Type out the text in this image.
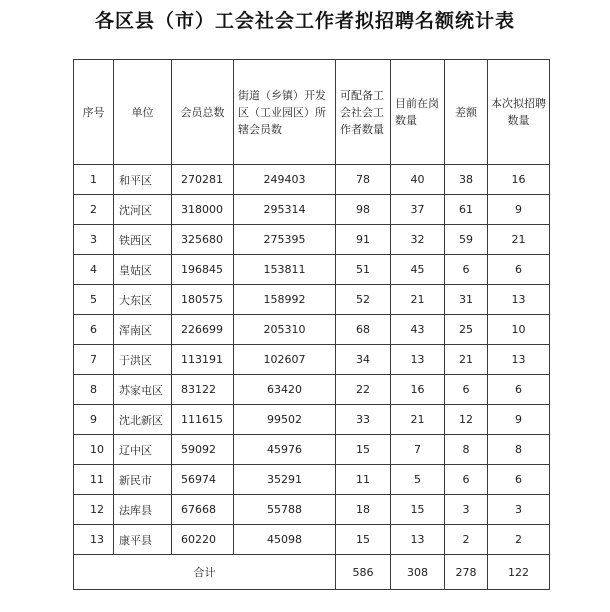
各区县（市）工会社会工作者拟招聘名额统计表
序号	单位	会员总数	街道（乡镇）开发区（工业园区）所辖会员数	可配备工会社会工作者数量	目前在岗数量	差额	本次拟招聘数量
1	和平区	270281	249403	78	40	38	16
2	沈河区	318000	295314	98	37	61	9
3	铁西区	325680	275395	91	32	59	21
4	皇姑区	196845	153811	51	45	6	6
5	大东区	180575	158992	52	21	31	13
6	浑南区	226699	205310	68	43	25	10
7	于洪区	113191	102607	34	13	21	13
8	苏家屯区	83122	63420	22	16	6	6
9	沈北新区	111615	99502	33	21	12	9
10	辽中区	59092	45976	15	7	8	8
11	新民市	56974	35291	11	5	6	6
12	法库县	67668	55788	18	15	3	3
13	康平县	60220	45098	15	13	2	2
合计				586	308	278	122
